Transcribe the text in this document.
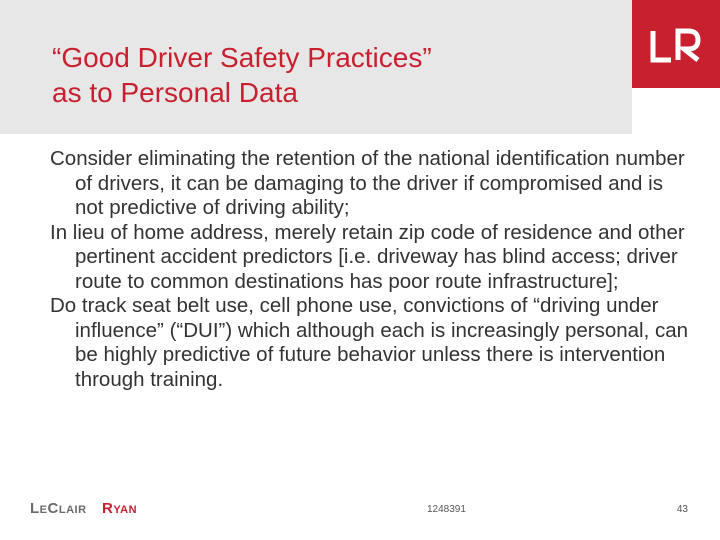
“Good Driver Safety Practices”
as to Personal Data
Consider eliminating the retention of the national identification number of drivers, it can be damaging to the driver if compromised and is not predictive of driving ability;
In lieu of home address, merely retain zip code of residence and other pertinent accident predictors [i.e. driveway has blind access; driver route to common destinations has poor route infrastructure];
Do track seat belt use, cell phone use, convictions of “driving under influence” (“DUI”) which although each is increasingly personal, can be highly predictive of future behavior unless there is intervention through training.
LECLAIR RYAN	1248391	43
